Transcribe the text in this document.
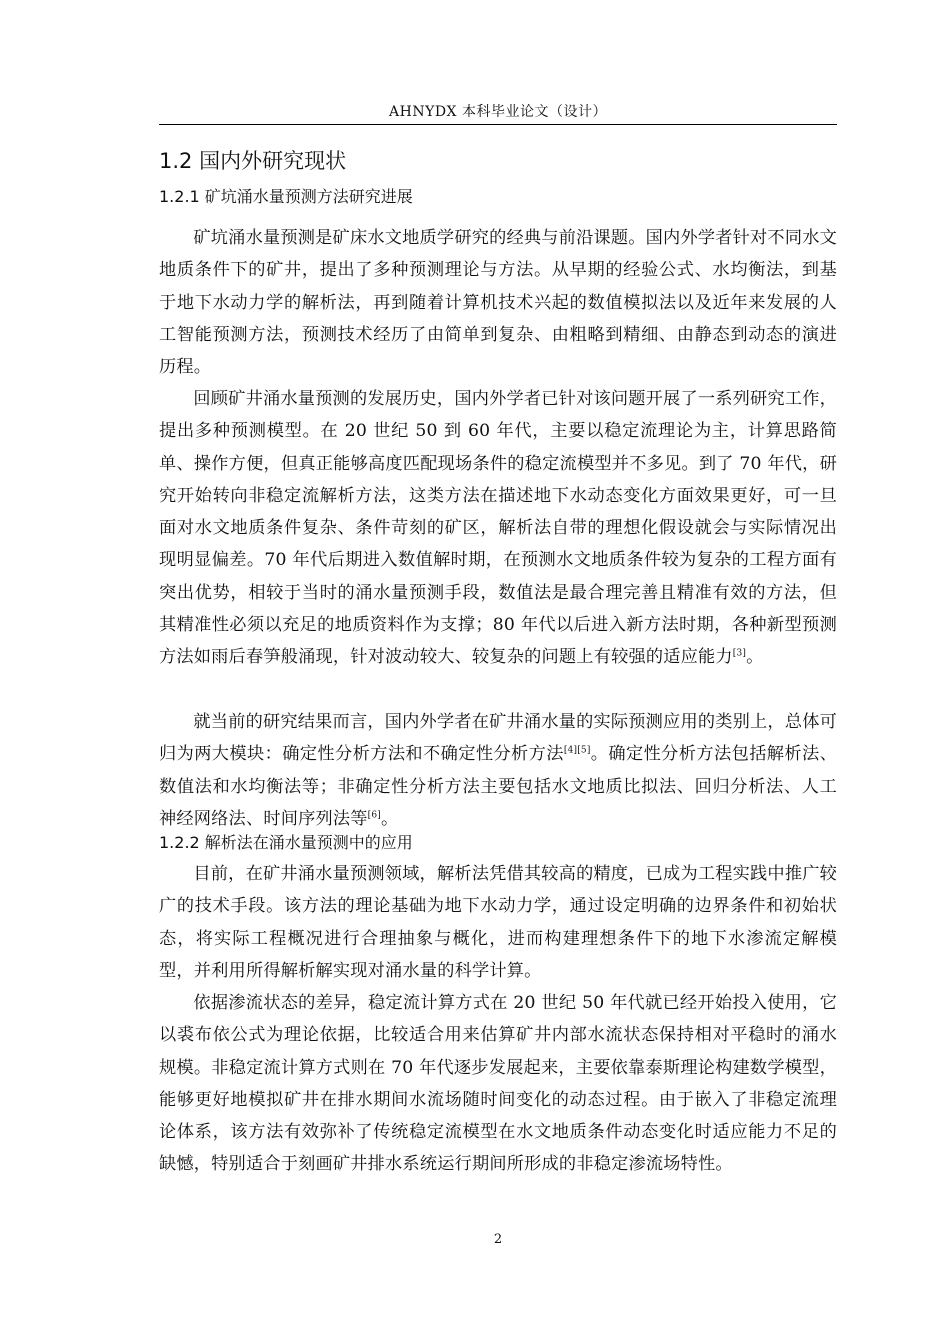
AHNYDX 本科毕业论文（设计）
1.2 国内外研究现状
1.2.1 矿坑涌水量预测方法研究进展

矿坑涌水量预测是矿床水文地质学研究的经典与前沿课题。国内外学者针对不同水文地质条件下的矿井，提出了多种预测理论与方法。从早期的经验公式、水均衡法，到基于地下水动力学的解析法，再到随着计算机技术兴起的数值模拟法以及近年来发展的人工智能预测方法，预测技术经历了由简单到复杂、由粗略到精细、由静态到动态的演进历程。

回顾矿井涌水量预测的发展历史，国内外学者已针对该问题开展了一系列研究工作，提出多种预测模型。在 20 世纪 50 到 60 年代，主要以稳定流理论为主，计算思路简单、操作方便，但真正能够高度匹配现场条件的稳定流模型并不多见。到了 70 年代，研究开始转向非稳定流解析方法，这类方法在描述地下水动态变化方面效果更好，可一旦面对水文地质条件复杂、条件苛刻的矿区，解析法自带的理想化假设就会与实际情况出现明显偏差。70 年代后期进入数值解时期，在预测水文地质条件较为复杂的工程方面有突出优势，相较于当时的涌水量预测手段，数值法是最合理完善且精准有效的方法，但其精准性必须以充足的地质资料作为支撑；80 年代以后进入新方法时期，各种新型预测方法如雨后春笋般涌现，针对波动较大、较复杂的问题上有较强的适应能力[3]。

就当前的研究结果而言，国内外学者在矿井涌水量的实际预测应用的类别上，总体可归为两大模块：确定性分析方法和不确定性分析方法[4][5]。确定性分析方法包括解析法、数值法和水均衡法等；非确定性分析方法主要包括水文地质比拟法、回归分析法、人工神经网络法、时间序列法等[6]。

1.2.2 解析法在涌水量预测中的应用

目前，在矿井涌水量预测领域，解析法凭借其较高的精度，已成为工程实践中推广较广的技术手段。该方法的理论基础为地下水动力学，通过设定明确的边界条件和初始状态，将实际工程概况进行合理抽象与概化，进而构建理想条件下的地下水渗流定解模型，并利用所得解析解实现对涌水量的科学计算。

依据渗流状态的差异，稳定流计算方式在 20 世纪 50 年代就已经开始投入使用，它以裘布依公式为理论依据，比较适合用来估算矿井内部水流状态保持相对平稳时的涌水规模。非稳定流计算方式则在 70 年代逐步发展起来，主要依靠泰斯理论构建数学模型，能够更好地模拟矿井在排水期间水流场随时间变化的动态过程。由于嵌入了非稳定流理论体系，该方法有效弥补了传统稳定流模型在水文地质条件动态变化时适应能力不足的缺憾，特别适合于刻画矿井排水系统运行期间所形成的非稳定渗流场特性。

2
